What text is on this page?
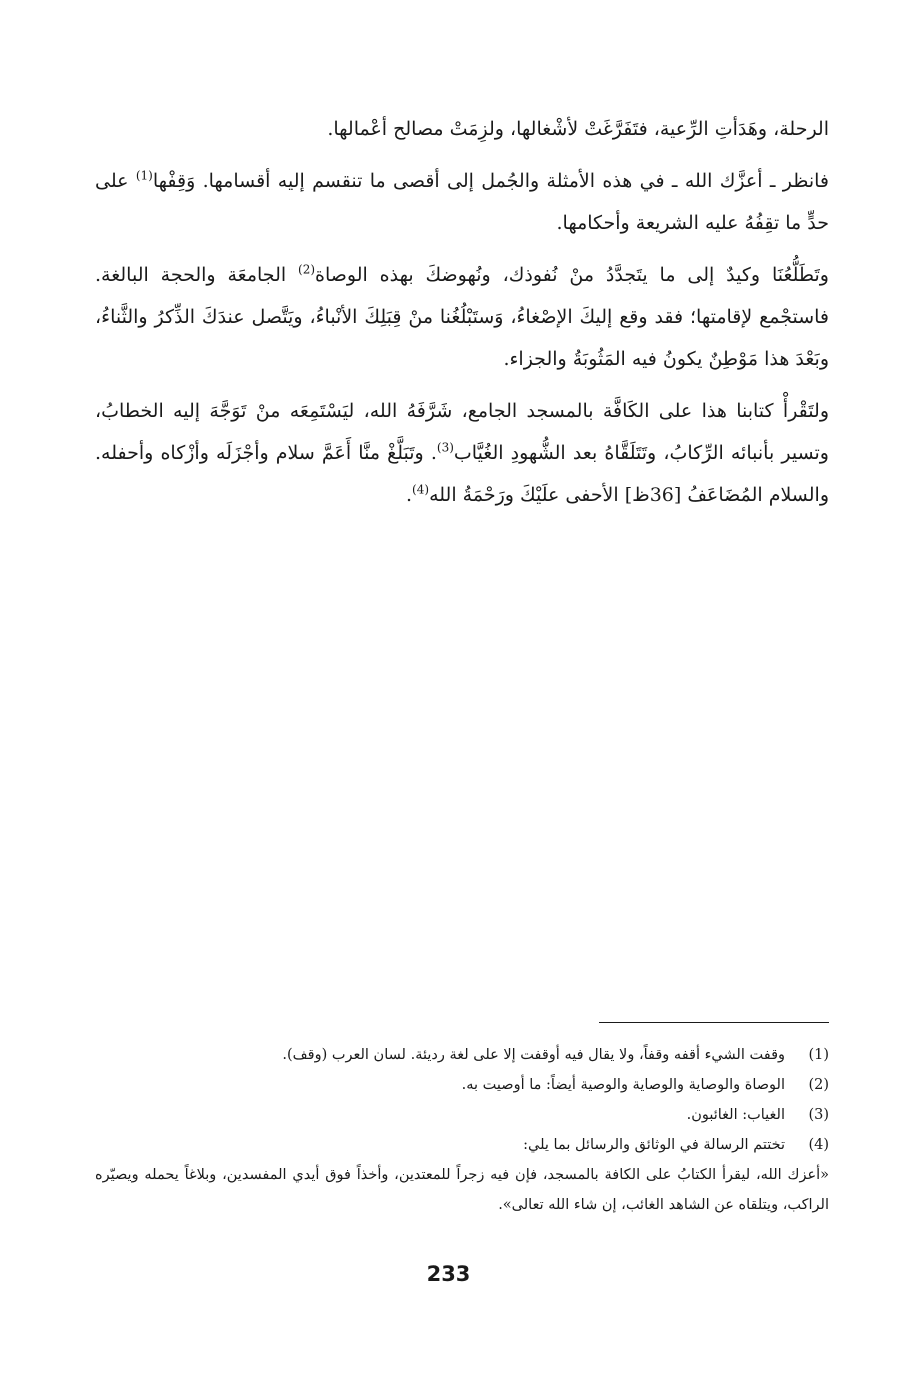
الرحلة، وهَدَأتِ الرِّعية، فتَفَرَّغَتْ لأشْغالها، ولزِمَتْ مصالح أعْمالها.

فانظر ـ أعزَّك الله ـ في هذه الأمثلة والجُمل إلى أقصى ما تنقسم إليه أقسامها. وَقِفْها$^{(1)}$ على حدٍّ ما تقِفُهُ عليه الشريعة وأحكامها.

وتَطَلُّعُنَا وكيدٌ إلى ما يتَجدَّدُ منْ نُفوذك، ونُهوضكَ بهذه الوصاة$^{(2)}$ الجامعَة والحجة البالغة. فاستجْمع لإقامتها؛ فقد وقع إليكَ الإصْغاءُ، وَستَبْلُغُنا منْ قِبَلِكَ الأنْباءُ، ويَتَّصل عندَكَ الذِّكرُ والثَّناءُ، وبَعْدَ هذا مَوْطِنٌ يكونُ فيه المَثُوبَةُ والجزاء.

ولتَقْرأْ كتابنا هذا على الكَافَّة بالمسجد الجامع، شَرَّفَهُ الله، ليَسْتَمِعَه منْ تَوَجَّهَ إليه الخطابُ، وتسير بأنبائه الرِّكابُ، وتَتَلَقَّاهُ بعد الشُّهودِ الغُيَّاب$^{(3)}$. وتَبَلَّغْ منَّا أَعَمَّ سلام وأجْزَلَه وأزْكاه وأحفله. والسلام المُضَاعَفُ [36ظ] الأحفى علَيْكَ ورَحْمَةُ الله$^{(4)}$.

(1)
وقفت الشيء أقفه وقفاً، ولا يقال فيه أوقفت إلا على لغة رديئة. لسان العرب (وقف).
(2)
الوصاة والوصاية والوصاية والوصية أيضاً: ما أوصيت به.
(3)
الغياب: الغائبون.
(4)
تختتم الرسالة في الوثائق والرسائل بما يلي:

«أعزك الله، ليقرأ الكتابُ على الكافة بالمسجد، فإن فيه زجراً للمعتدين، وأخذاً فوق أيدي المفسدين، وبلاغاً يحمله ويصيّره الراكب، ويتلقاه عن الشاهد الغائب، إن شاء الله تعالى».

233
